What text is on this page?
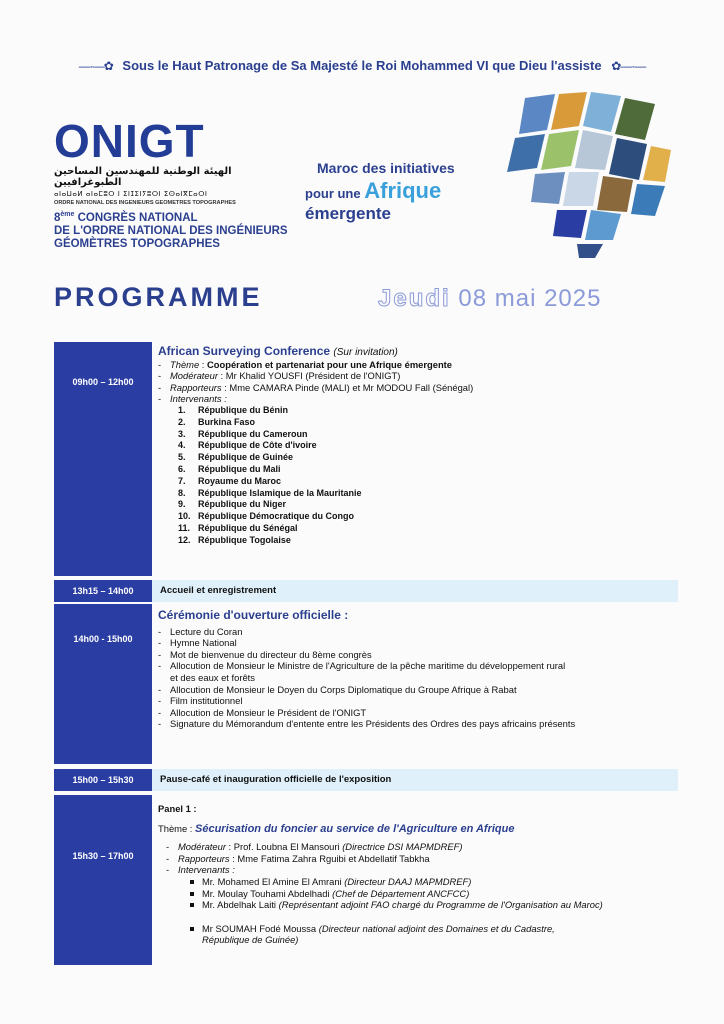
—·—✿ Sous le Haut Patronage de Sa Majesté le Roi Mohammed VI que Dieu l'assiste ✿—·—
ONIGT
الهيئة الوطنية للمهندسين المساحين الطبوغرافيين
ⴰⵏⴰⵡⴰⵍ ⴰⵏⴰⵎⵓⵔ ⵏ ⵉⵏⵊⵉⵏⵢⵓⵔⵏ ⵉⵙⴰⵏⴳⵎⴰⵔⵏ
ORDRE NATIONAL DES INGENIEURS GEOMETRES TOPOGRAPHES
8ème CONGRÈS NATIONAL
DE L'ORDRE NATIONAL DES INGÉNIEURS
GÉOMÈTRES TOPOGRAPHES
Maroc des initiatives
pour une Afrique émergente
PROGRAMME	Jeudi 08 mai 2025
09h00 – 12h00
African Surveying Conference (Sur invitation)
- Thème : Coopération et partenariat pour une Afrique émergente
- Modérateur : Mr Khalid YOUSFI (Président de l'ONIGT)
- Rapporteurs : Mme CAMARA Pinde (MALI) et Mr MODOU Fall (Sénégal)
- Intervenants :
1. République du Bénin
2. Burkina Faso
3. République du Cameroun
4. République de Côte d'ivoire
5. République de Guinée
6. République du Mali
7. Royaume du Maroc
8. République Islamique de la Mauritanie
9. République du Niger
10. République Démocratique du Congo
11. République du Sénégal
12. République Togolaise
13h15 – 14h00	Accueil et enregistrement
14h00 - 15h00
Cérémonie d'ouverture officielle :
- Lecture du Coran
- Hymne National
- Mot de bienvenue du directeur du 8ème congrès
- Allocution de Monsieur le Ministre de l'Agriculture de la pêche maritime du développement rural
et des eaux et forêts
- Allocution de Monsieur le Doyen du Corps Diplomatique du Groupe Afrique à Rabat
- Film institutionnel
- Allocution de Monsieur le Président de l'ONIGT
- Signature du Mémorandum d'entente entre les Présidents des Ordres des pays africains présents
15h00 – 15h30	Pause-café et inauguration officielle de l'exposition
15h30 – 17h00
Panel 1 :
Thème : Sécurisation du foncier au service de l'Agriculture en Afrique
- Modérateur : Prof. Loubna El Mansouri (Directrice DSI MAPMDREF)
- Rapporteurs : Mme Fatima Zahra Rguibi et Abdellatif Tabkha
- Intervenants :
Mr. Mohamed El Amine El Amrani (Directeur DAAJ MAPMDREF)
Mr. Moulay Touhami Abdelhadi (Chef de Département ANCFCC)
Mr. Abdelhak Laiti (Représentant adjoint FAO chargé du Programme de l'Organisation au Maroc)
Mr SOUMAH Fodé Moussa (Directeur national adjoint des Domaines et du Cadastre,
République de Guinée)
